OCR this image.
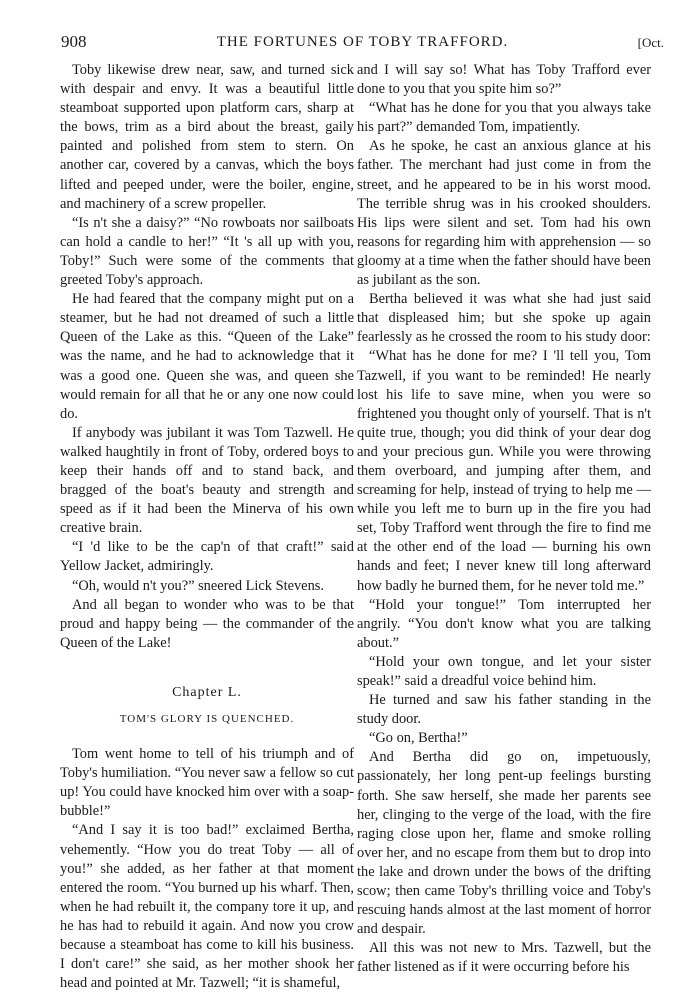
908	THE FORTUNES OF TOBY TRAFFORD.	[Oct.

Toby likewise drew near, saw, and turned sick with despair and envy. It was a beautiful little steamboat supported upon platform cars, sharp at the bows, trim as a bird about the breast, gaily painted and polished from stem to stern. On another car, covered by a canvas, which the boys lifted and peeped under, were the boiler, engine, and machinery of a screw propeller.

“Is n't she a daisy?” “No rowboats nor sailboats can hold a candle to her!” “It 's all up with you, Toby!” Such were some of the comments that greeted Toby's approach.

He had feared that the company might put on a steamer, but he had not dreamed of such a little Queen of the Lake as this. “Queen of the Lake” was the name, and he had to acknowledge that it was a good one. Queen she was, and queen she would remain for all that he or any one now could do.

If anybody was jubilant it was Tom Tazwell. He walked haughtily in front of Toby, ordered boys to keep their hands off and to stand back, and bragged of the boat's beauty and strength and speed as if it had been the Minerva of his own creative brain.

“I 'd like to be the cap'n of that craft!” said Yellow Jacket, admiringly.

“Oh, would n't you?” sneered Lick Stevens.

And all began to wonder who was to be that proud and happy being — the commander of the Queen of the Lake!

Chapter L.

TOM'S GLORY IS QUENCHED.

Tom went home to tell of his triumph and of Toby's humiliation. “You never saw a fellow so cut up! You could have knocked him over with a soap-bubble!”

“And I say it is too bad!” exclaimed Bertha, vehemently. “How you do treat Toby — all of you!” she added, as her father at that moment entered the room. “You burned up his wharf. Then, when he had rebuilt it, the company tore it up, and he has had to rebuild it again. And now you crow because a steamboat has come to kill his business. I don't care!” she said, as her mother shook her head and pointed at Mr. Tazwell; “it is shameful,

and I will say so! What has Toby Trafford ever done to you that you spite him so?”

“What has he done for you that you always take his part?” demanded Tom, impatiently.

As he spoke, he cast an anxious glance at his father. The merchant had just come in from the street, and he appeared to be in his worst mood. The terrible shrug was in his crooked shoulders. His lips were silent and set. Tom had his own reasons for regarding him with apprehension — so gloomy at a time when the father should have been as jubilant as the son.

Bertha believed it was what she had just said that displeased him; but she spoke up again fearlessly as he crossed the room to his study door:

“What has he done for me? I 'll tell you, Tom Tazwell, if you want to be reminded! He nearly lost his life to save mine, when you were so frightened you thought only of yourself. That is n't quite true, though; you did think of your dear dog and your precious gun. While you were throwing them overboard, and jumping after them, and screaming for help, instead of trying to help me — while you left me to burn up in the fire you had set, Toby Trafford went through the fire to find me at the other end of the load — burning his own hands and feet; I never knew till long afterward how badly he burned them, for he never told me.”

“Hold your tongue!” Tom interrupted her angrily. “You don't know what you are talking about.”

“Hold your own tongue, and let your sister speak!” said a dreadful voice behind him.

He turned and saw his father standing in the study door.

“Go on, Bertha!”

And Bertha did go on, impetuously, passionately, her long pent-up feelings bursting forth. She saw herself, she made her parents see her, clinging to the verge of the load, with the fire raging close upon her, flame and smoke rolling over her, and no escape from them but to drop into the lake and drown under the bows of the drifting scow; then came Toby's thrilling voice and Toby's rescuing hands almost at the last moment of horror and despair.

All this was not new to Mrs. Tazwell, but the father listened as if it were occurring before his
